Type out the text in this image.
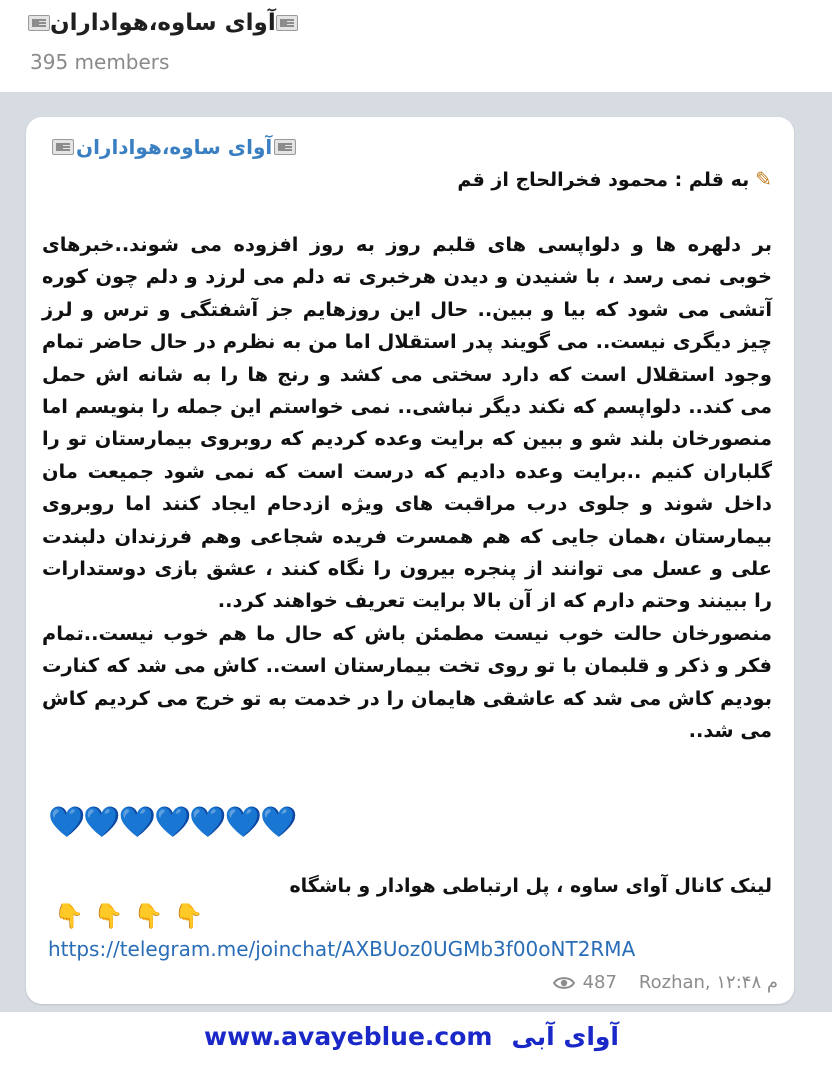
آوای ساوه،هواداران
395 members
آوای ساوه،هواداران
✎به قلم : محمود فخرالحاج از قم
بر دلهره ها و دلواپسی های قلبم روز به روز افزوده می شوند..خبرهای خوبی نمی رسد ، با شنیدن و دیدن هرخبری ته دلم می لرزد و دلم چون کوره آتشی می شود که بیا و ببین.. حال این روزهایم جز آشفتگی و ترس و لرز چیز دیگری نیست.. می گویند پدر استقلال اما من به نظرم در حال حاضر تمام وجود استقلال است که دارد سختی می کشد و رنج ها را به شانه اش حمل می کند.. دلواپسم که نکند دیگر نباشی.. نمی خواستم این جمله را بنویسم اما منصورخان بلند شو و ببین که برایت وعده کردیم که روبروی بیمارستان تو را گلباران کنیم ..برایت وعده دادیم که درست است که نمی شود جمیعت مان داخل شوند و جلوی درب مراقبت های ویژه ازدحام ایجاد کنند اما روبروی بیمارستان ،همان جایی که هم همسرت فریده شجاعی وهم فرزندان دلبندت علی و عسل می توانند از پنجره بیرون را نگاه کنند ، عشق بازی دوستدارات را ببینند وحتم دارم که از آن بالا برایت تعریف خواهند کرد..
منصورخان حالت خوب نیست مطمئن باش که حال ما هم خوب نیست..تمام فکر و ذکر و قلبمان با تو روی تخت بیمارستان است.. کاش می شد که کنارت بودیم کاش می شد که عاشقی هایمان را در خدمت به تو خرج می کردیم کاش می شد..
💙💙💙💙💙💙💙
لینک کانال آوای ساوه ، پل ارتباطی هوادار و باشگاه
👇👇👇👇
https://telegram.me/joinchat/AXBUoz0UGMb3f00oNT2RMA
487 Rozhan, ۱۲:۴۸ م
www.avayeblue.com آوای آبی
